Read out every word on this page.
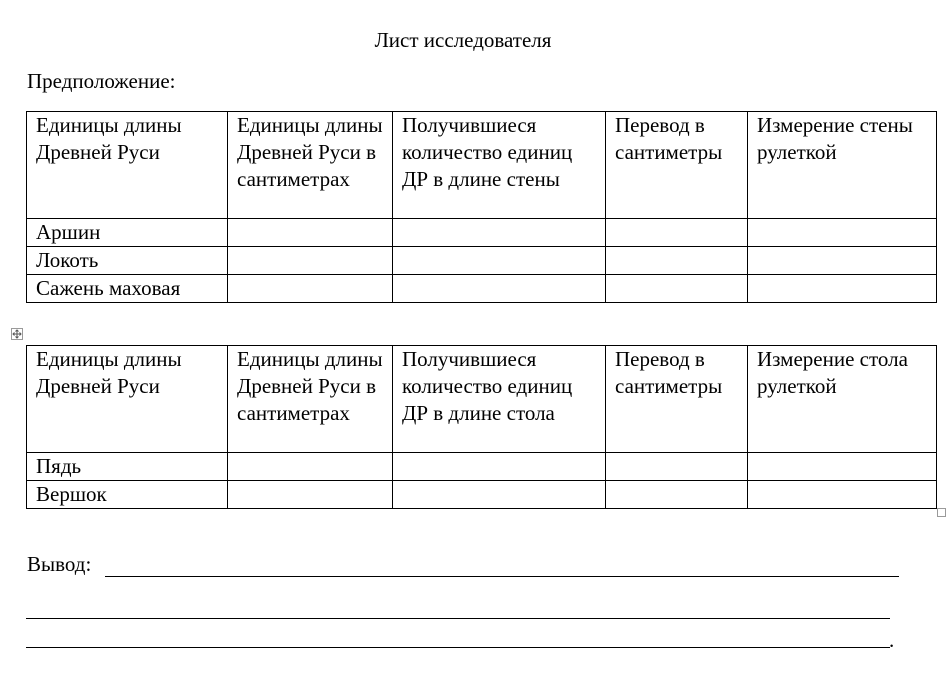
Лист исследователя
Предположение:
Единицы длины Древней Руси	Единицы длины Древней Руси в сантиметрах	Получившиеся количество единиц ДР в длине стены	Перевод в сантиметры	Измерение стены рулеткой
Аршин				
Локоть				
Сажень маховая				
Единицы длины Древней Руси	Единицы длины Древней Руси в сантиметрах	Получившиеся количество единиц ДР в длине стола	Перевод в сантиметры	Измерение стола рулеткой
Пядь				
Вершок				
Вывод:
.
